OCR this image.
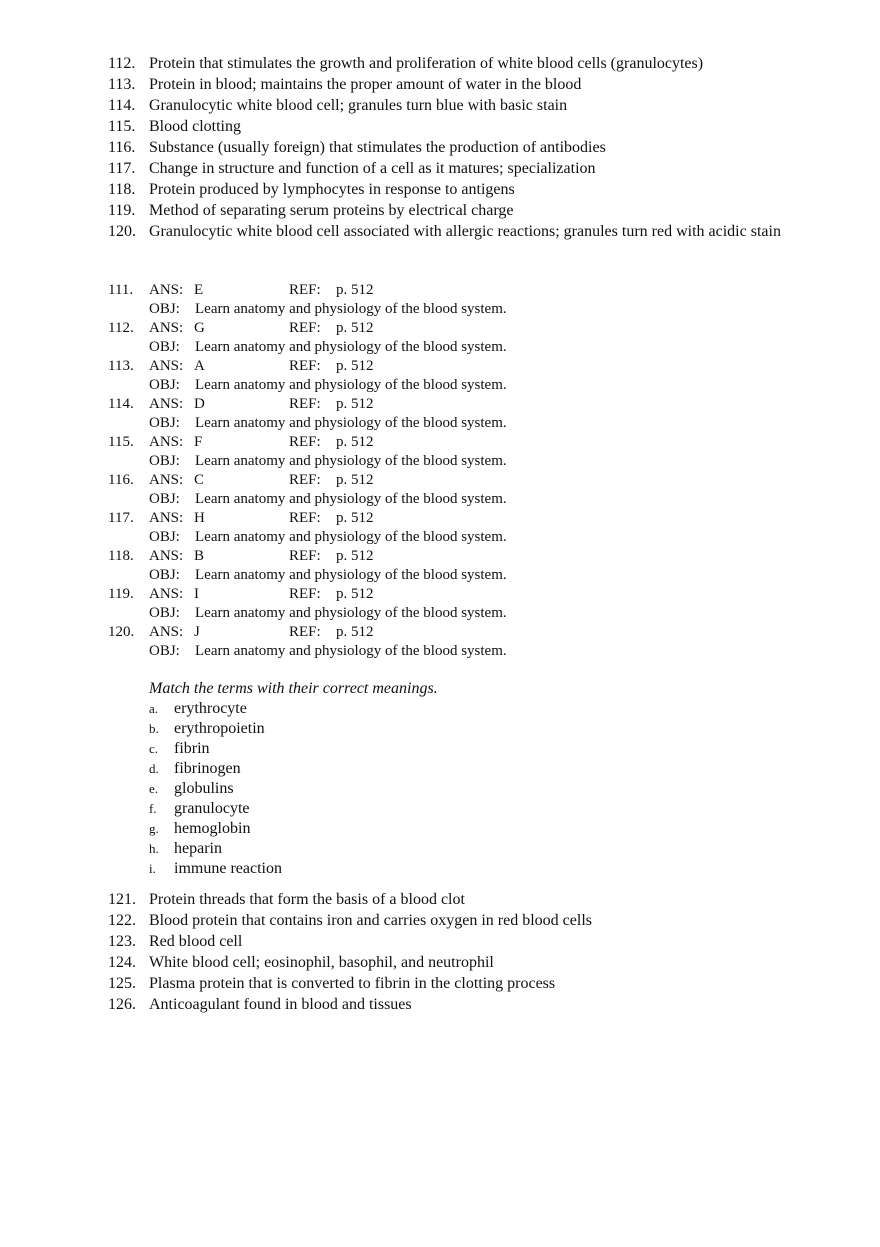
112. Protein that stimulates the growth and proliferation of white blood cells (granulocytes)
113. Protein in blood; maintains the proper amount of water in the blood
114. Granulocytic white blood cell; granules turn blue with basic stain
115. Blood clotting
116. Substance (usually foreign) that stimulates the production of antibodies
117. Change in structure and function of a cell as it matures; specialization
118. Protein produced by lymphocytes in response to antigens
119. Method of separating serum proteins by electrical charge
120. Granulocytic white blood cell associated with allergic reactions; granules turn red with acidic stain
111. ANS: E	REF: p. 512
OBJ: Learn anatomy and physiology of the blood system.
112. ANS: G	REF: p. 512
OBJ: Learn anatomy and physiology of the blood system.
113. ANS: A	REF: p. 512
OBJ: Learn anatomy and physiology of the blood system.
114. ANS: D	REF: p. 512
OBJ: Learn anatomy and physiology of the blood system.
115. ANS: F	REF: p. 512
OBJ: Learn anatomy and physiology of the blood system.
116. ANS: C	REF: p. 512
OBJ: Learn anatomy and physiology of the blood system.
117. ANS: H	REF: p. 512
OBJ: Learn anatomy and physiology of the blood system.
118. ANS: B	REF: p. 512
OBJ: Learn anatomy and physiology of the blood system.
119. ANS: I	REF: p. 512
OBJ: Learn anatomy and physiology of the blood system.
120. ANS: J	REF: p. 512
OBJ: Learn anatomy and physiology of the blood system.
Match the terms with their correct meanings.
a. erythrocyte
b. erythropoietin
c. fibrin
d. fibrinogen
e. globulins
f. granulocyte
g. hemoglobin
h. heparin
i. immune reaction
121. Protein threads that form the basis of a blood clot
122. Blood protein that contains iron and carries oxygen in red blood cells
123. Red blood cell
124. White blood cell; eosinophil, basophil, and neutrophil
125. Plasma protein that is converted to fibrin in the clotting process
126. Anticoagulant found in blood and tissues
